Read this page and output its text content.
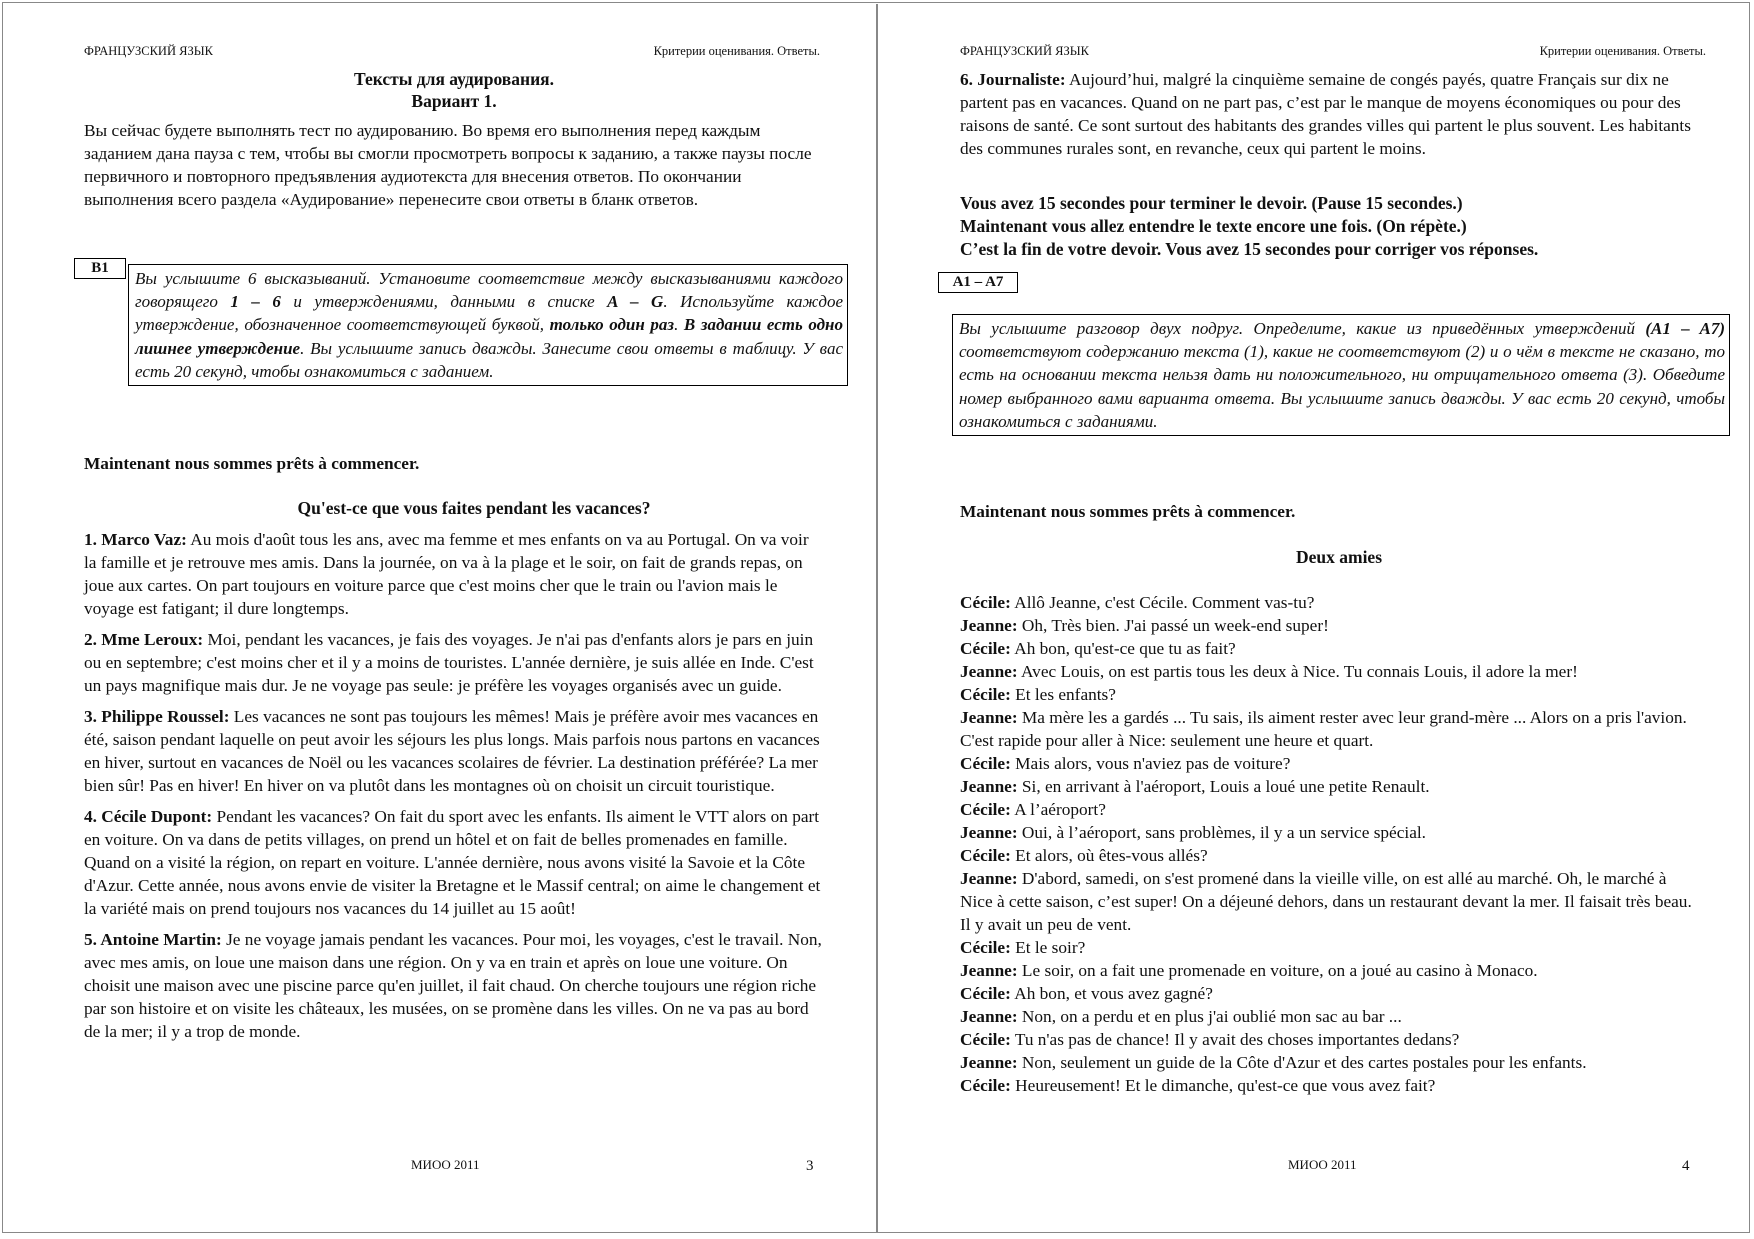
ФРАНЦУЗСКИЙ ЯЗЫК	Критерии оценивания. Ответы.
Тексты для аудирования.
Вариант 1.

Вы сейчас будете выполнять тест по аудированию. Во время его выполнения перед каждым заданием дана пауза с тем, чтобы вы смогли просмотреть вопросы к заданию, а также паузы после первичного и повторного предъявления аудиотекста для внесения ответов. По окончании выполнения всего раздела «Аудирование» перенесите свои ответы в бланк ответов.

B1
Вы услышите 6 высказываний. Установите соответствие между высказываниями каждого говорящего 1 – 6 и утверждениями, данными в списке A – G. Используйте каждое утверждение, обозначенное соответствующей буквой, только один раз. В задании есть одно лишнее утверждение. Вы услышите запись дважды. Занесите свои ответы в таблицу. У вас есть 20 секунд, чтобы ознакомиться с заданием.
Maintenant nous sommes prêts à commencer.
Qu'est-ce que vous faites pendant les vacances?

1. Marco Vaz: Au mois d'août tous les ans, avec ma femme et mes enfants on va au Portugal. On va voir la famille et je retrouve mes amis. Dans la journée, on va à la plage et le soir, on fait de grands repas, on joue aux cartes. On part toujours en voiture parce que c'est moins cher que le train ou l'avion mais le voyage est fatigant; il dure longtemps.

2. Mme Leroux: Moi, pendant les vacances, je fais des voyages. Je n'ai pas d'enfants alors je pars en juin ou en septembre; c'est moins cher et il y a moins de touristes. L'année dernière, je suis allée en Inde. C'est un pays magnifique mais dur. Je ne voyage pas seule: je préfère les voyages organisés avec un guide.

3. Philippe Roussel: Les vacances ne sont pas toujours les mêmes! Mais je préfère avoir mes vacances en été, saison pendant laquelle on peut avoir les séjours les plus longs. Mais parfois nous partons en vacances en hiver, surtout en vacances de Noël ou les vacances scolaires de février. La destination préférée? La mer bien sûr! Pas en hiver! En hiver on va plutôt dans les montagnes où on choisit un circuit touristique.

4. Cécile Dupont: Pendant les vacances? On fait du sport avec les enfants. Ils aiment le VTT alors on part en voiture. On va dans de petits villages, on prend un hôtel et on fait de belles promenades en famille. Quand on a visité la région, on repart en voiture. L'année dernière, nous avons visité la Savoie et la Côte d'Azur. Cette année, nous avons envie de visiter la Bretagne et le Massif central; on aime le changement et la variété mais on prend toujours nos vacances du 14 juillet au 15 août!

5. Antoine Martin: Je ne voyage jamais pendant les vacances. Pour moi, les voyages, c'est le travail. Non, avec mes amis, on loue une maison dans une région. On y va en train et après on loue une voiture. On choisit une maison avec une piscine parce qu'en juillet, il fait chaud. On cherche toujours une région riche par son histoire et on visite les châteaux, les musées, on se promène dans les villes. On ne va pas au bord de la mer; il y a trop de monde.

МИОО 2011	3
ФРАНЦУЗСКИЙ ЯЗЫК	Критерии оценивания. Ответы.

6. Journaliste: Aujourd’hui, malgré la cinquième semaine de congés payés, quatre Français sur dix ne partent pas en vacances. Quand on ne part pas, c’est par le manque de moyens économiques ou pour des raisons de santé. Ce sont surtout des habitants des grandes villes qui partent le plus souvent. Les habitants des communes rurales sont, en revanche, ceux qui partent le moins.

Vous avez 15 secondes pour terminer le devoir. (Pause 15 secondes.)

Maintenant vous allez entendre le texte encore une fois. (On répète.)

C’est la fin de votre devoir. Vous avez 15 secondes pour corriger vos réponses.

A1 – A7
Вы услышите разговор двух подруг. Определите, какие из приведённых утверждений (A1 – A7) соответствуют содержанию текста (1), какие не соответствуют (2) и о чём в тексте не сказано, то есть на основании текста нельзя дать ни положительного, ни отрицательного ответа (3). Обведите номер выбранного вами варианта ответа. Вы услышите запись дважды. У вас есть 20 секунд, чтобы ознакомиться с заданиями.
Maintenant nous sommes prêts à commencer.
Deux amies

Cécile: Allô Jeanne, c'est Cécile. Comment vas-tu?

Jeanne: Oh, Très bien. J'ai passé un week-end super!

Cécile: Ah bon, qu'est-ce que tu as fait?

Jeanne: Avec Louis, on est partis tous les deux à Nice. Tu connais Louis, il adore la mer!

Cécile: Et les enfants?

Jeanne: Ma mère les a gardés ... Tu sais, ils aiment rester avec leur grand-mère ... Alors on a pris l'avion. C'est rapide pour aller à Nice: seulement une heure et quart.

Cécile: Mais alors, vous n'aviez pas de voiture?

Jeanne: Si, en arrivant à l'aéroport, Louis a loué une petite Renault.

Cécile: A l’aéroport?

Jeanne: Oui, à l’aéroport, sans problèmes, il y a un service spécial.

Cécile: Et alors, où êtes-vous allés?

Jeanne: D'abord, samedi, on s'est promené dans la vieille ville, on est allé au marché. Oh, le marché à Nice à cette saison, c’est super! On a déjeuné dehors, dans un restaurant devant la mer. Il faisait très beau. Il y avait un peu de vent.

Cécile: Et le soir?

Jeanne: Le soir, on a fait une promenade en voiture, on a joué au casino à Monaco.

Cécile: Ah bon, et vous avez gagné?

Jeanne: Non, on a perdu et en plus j'ai oublié mon sac au bar ...

Cécile: Tu n'as pas de chance! Il y avait des choses importantes dedans?

Jeanne: Non, seulement un guide de la Côte d'Azur et des cartes postales pour les enfants.

Cécile: Heureusement! Et le dimanche, qu'est-ce que vous avez fait?

МИОО 2011	4
